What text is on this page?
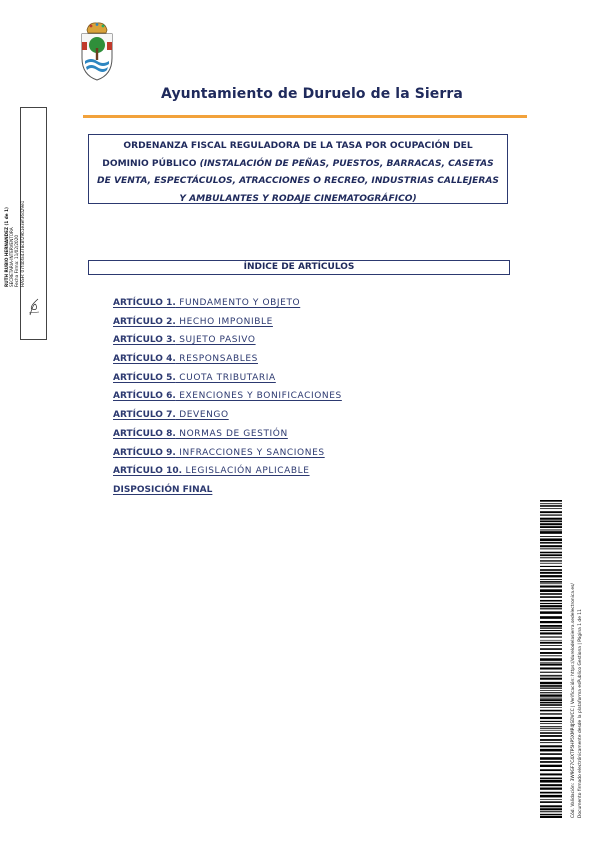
Ayuntamiento de Duruelo de la Sierra
RUTH RUBIO HERNANDEZ (1 de 1) SECRETARIA-INTERVENTORA Fecha Firma: 11/02/2020 HASH: 07f4bfa4378c8f29b1e3ef36d29e1
ORDENANZA FISCAL REGULADORA DE LA TASA POR OCUPACIÓN DEL
DOMINIO PÚBLICO (INSTALACIÓN DE PEÑAS, PUESTOS, BARRACAS, CASETAS
DE VENTA, ESPECTÁCULOS, ATRACCIONES O RECREO, INDUSTRIAS CALLEJERAS
Y AMBULANTES Y RODAJE CINEMATOGRÁFICO)
ÍNDICE DE ARTÍCULOS
ARTÍCULO 1. FUNDAMENTO Y OBJETO
ARTÍCULO 2. HECHO IMPONIBLE
ARTÍCULO 3. SUJETO PASIVO
ARTÍCULO 4. RESPONSABLES
ARTÍCULO 5. CUOTA TRIBUTARIA
ARTÍCULO 6. EXENCIONES Y BONIFICACIONES
ARTÍCULO 7. DEVENGO
ARTÍCULO 8. NORMAS DE GESTIÓN
ARTÍCULO 9. INFRACCIONES Y SANCIONES
ARTÍCULO 10. LEGISLACIÓN APLICABLE
DISPOSICIÓN FINAL
Cód. Validación: 3W9GF7C4XTP5HP5XMP4JSDVCC | Verificación: https://durelodelasierra.sedelectronica.es/ Documento firmado electrónicamente desde la plataforma esPublico Gestiona | Página 1 de 11
